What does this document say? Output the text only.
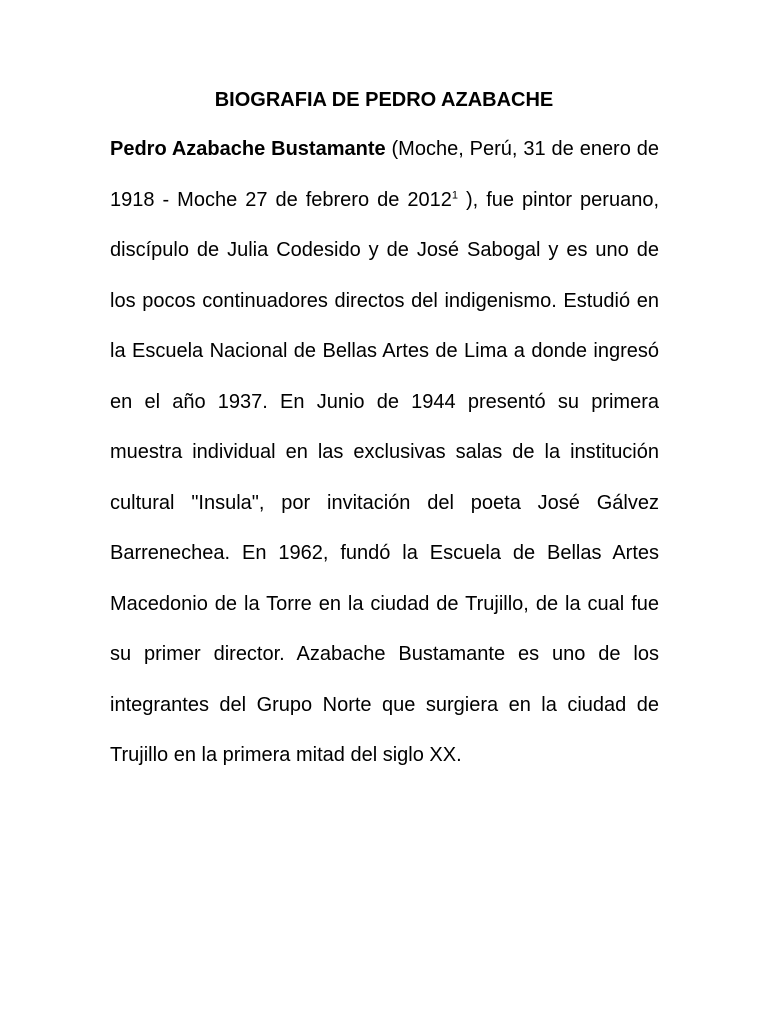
BIOGRAFIA DE PEDRO AZABACHE

Pedro Azabache Bustamante (Moche, Perú, 31 de enero de 1918 - Moche 27 de febrero de 2012$^1$ ), fue pintor peruano, discípulo de Julia Codesido y de José Sabogal y es uno de los pocos continuadores directos del indigenismo. Estudió en la Escuela Nacional de Bellas Artes de Lima a donde ingresó en el año 1937. En Junio de 1944 presentó su primera muestra individual en las exclusivas salas de la institución cultural "Insula", por invitación del poeta José Gálvez Barrenechea. En 1962, fundó la Escuela de Bellas Artes Macedonio de la Torre en la ciudad de Trujillo, de la cual fue su primer director. Azabache Bustamante es uno de los integrantes del Grupo Norte que surgiera en la ciudad de Trujillo en la primera mitad del siglo XX.
